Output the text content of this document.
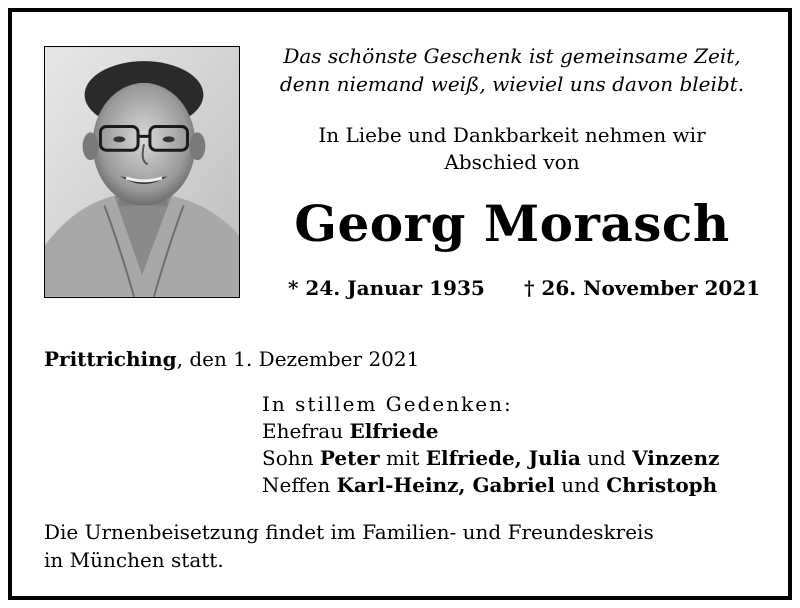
Das schönste Geschenk ist gemeinsame Zeit,
denn niemand weiß, wieviel uns davon bleibt.
In Liebe und Dankbarkeit nehmen wir
Abschied von
Georg Morasch
* 24. Januar 1935 † 26. November 2021
Prittriching, den 1. Dezember 2021
In stillem Gedenken:
Ehefrau Elfriede
Sohn Peter mit Elfriede, Julia und Vinzenz
Neffen Karl-Heinz, Gabriel und Christoph
Die Urnenbeisetzung findet im Familien- und Freundeskreis
in München statt.
